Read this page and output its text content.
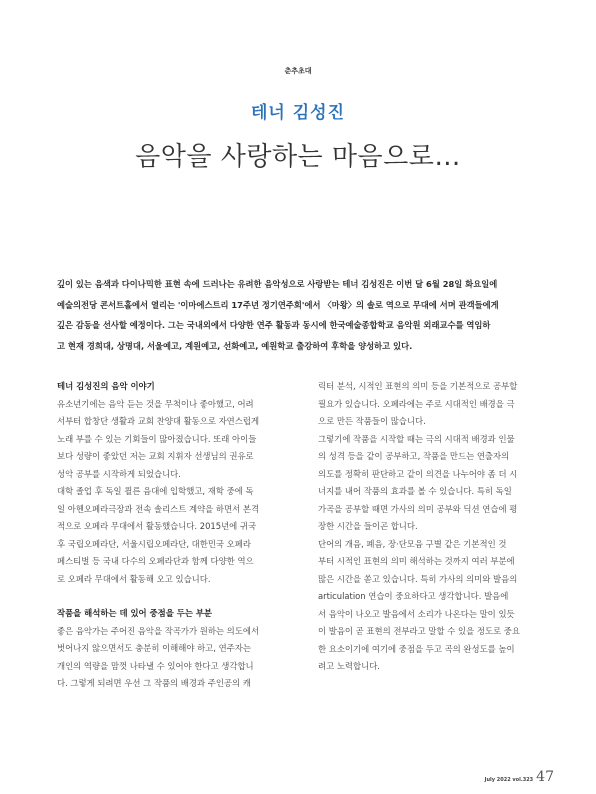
춘추초대
테너 김성진
음악을 사랑하는 마음으로…

깊이 있는 음색과 다이나믹한 표현 속에 드러나는 유려한 음악성으로 사랑받는 테너 김성진은 이번 달 6월 28일 화요일에

예술의전당 콘서트홀에서 열리는 '이마에스트리 17주년 정기연주회'에서 〈마왕〉의 솔로 역으로 무대에 서며 관객들에게

깊은 감동을 선사할 예정이다. 그는 국내외에서 다양한 연주 활동과 동시에 한국예술종합학교 음악원 외래교수를 역임하

고 현재 경희대, 상명대, 서울예고, 계원예고, 선화예고, 예원학교 출강하여 후학을 양성하고 있다.

테너 김성진의 음악 이야기

유소년기에는 음악 듣는 것을 무척이나 좋아했고, 어려

서부터 합창단 생활과 교회 찬양대 활동으로 자연스럽게

노래 부를 수 있는 기회들이 많아졌습니다. 또래 아이들

보다 성량이 좋았던 저는 교회 지휘자 선생님의 권유로

성악 공부를 시작하게 되었습니다.

대학 졸업 후 독일 쾰른 음대에 입학했고, 재학 중에 독

일 아헨오페라극장과 전속 솔리스트 계약을 하면서 본격

적으로 오페라 무대에서 활동했습니다. 2015년에 귀국

후 국립오페라단, 서울시립오페라단, 대한민국 오페라

페스티벌 등 국내 다수의 오페라단과 함께 다양한 역으

로 오페라 무대에서 활동해 오고 있습니다.

작품을 해석하는 데 있어 중점을 두는 부분

좋은 음악가는 주어진 음악을 작곡가가 원하는 의도에서

벗어나지 않으면서도 충분히 이해해야 하고, 연주자는

개인의 역량을 맘껏 나타낼 수 있어야 한다고 생각합니

다. 그렇게 되려면 우선 그 작품의 배경과 주인공의 캐

릭터 분석, 시적인 표현의 의미 등을 기본적으로 공부할

필요가 있습니다. 오페라에는 주로 시대적인 배경을 극

으로 만든 작품들이 많습니다.

그렇기에 작품을 시작할 때는 극의 시대적 배경과 인물

의 성격 등을 같이 공부하고, 작품을 만드는 연출자의

의도를 정확히 판단하고 같이 의견을 나누어야 좀 더 시

너지를 내어 작품의 효과를 볼 수 있습니다. 특히 독일

가곡을 공부할 때면 가사의 의미 공부와 딕션 연습에 평

장한 시간을 들이곤 합니다.

단어의 개음, 폐음, 장·단모음 구별 같은 기본적인 것

부터 시적인 표현의 의미 해석하는 것까지 여러 부분에

많은 시간을 쏟고 있습니다. 특히 가사의 의미와 발음의

articulation 연습이 중요하다고 생각합니다. 발음에

서 음악이 나오고 발음에서 소리가 나온다는 말이 있듯

이 발음이 곧 표현의 전부라고 말할 수 있을 정도로 중요

한 요소이기에 여기에 중점을 두고 곡의 완성도를 높이

려고 노력합니다.

July 2022 vol.323 47
